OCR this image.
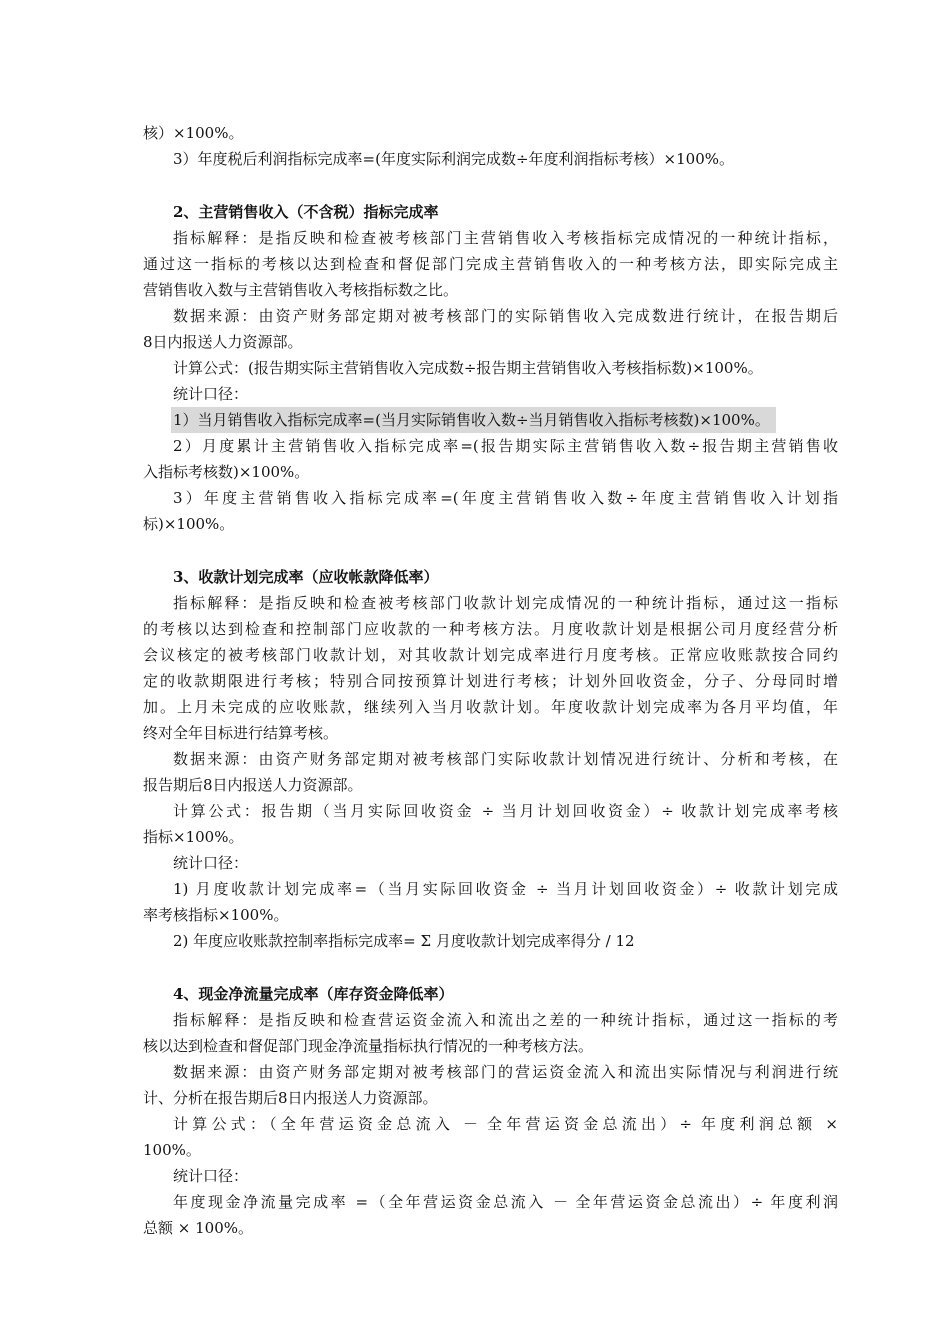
核）×100%。
3）年度税后利润指标完成率=(年度实际利润完成数÷年度利润指标考核）×100%。
2、主营销售收入（不含税）指标完成率
指标解释：是指反映和检查被考核部门主营销售收入考核指标完成情况的一种统计指标，
通过这一指标的考核以达到检查和督促部门完成主营销售收入的一种考核方法，即实际完成主
营销售收入数与主营销售收入考核指标数之比。
数据来源：由资产财务部定期对被考核部门的实际销售收入完成数进行统计，在报告期后
8日内报送人力资源部。
计算公式：(报告期实际主营销售收入完成数÷报告期主营销售收入考核指标数)×100%。
统计口径：
1）当月销售收入指标完成率=(当月实际销售收入数÷当月销售收入指标考核数)×100%。
2）月度累计主营销售收入指标完成率=(报告期实际主营销售收入数÷报告期主营销售收
入指标考核数)×100%。
3）年度主营销售收入指标完成率=(年度主营销售收入数÷年度主营销售收入计划指
标)×100%。
3、收款计划完成率（应收帐款降低率）
指标解释：是指反映和检查被考核部门收款计划完成情况的一种统计指标，通过这一指标
的考核以达到检查和控制部门应收款的一种考核方法。月度收款计划是根据公司月度经营分析
会议核定的被考核部门收款计划，对其收款计划完成率进行月度考核。正常应收账款按合同约
定的收款期限进行考核；特别合同按预算计划进行考核；计划外回收资金，分子、分母同时增
加。上月未完成的应收账款，继续列入当月收款计划。年度收款计划完成率为各月平均值，年
终对全年目标进行结算考核。
数据来源：由资产财务部定期对被考核部门实际收款计划情况进行统计、分析和考核，在
报告期后8日内报送人力资源部。
计算公式：报告期（当月实际回收资金 ÷ 当月计划回收资金）÷ 收款计划完成率考核
指标×100%。
统计口径：
1) 月度收款计划完成率=（当月实际回收资金 ÷ 当月计划回收资金）÷ 收款计划完成
率考核指标×100%。
2) 年度应收账款控制率指标完成率= Σ 月度收款计划完成率得分 / 12
4、现金净流量完成率（库存资金降低率）
指标解释：是指反映和检查营运资金流入和流出之差的一种统计指标，通过这一指标的考
核以达到检查和督促部门现金净流量指标执行情况的一种考核方法。
数据来源：由资产财务部定期对被考核部门的营运资金流入和流出实际情况与利润进行统
计、分析在报告期后8日内报送人力资源部。
计算公式：（全年营运资金总流入 － 全年营运资金总流出）÷ 年度利润总额 ×
100%。
统计口径：
年度现金净流量完成率 =（全年营运资金总流入 － 全年营运资金总流出）÷ 年度利润
总额 × 100%。
